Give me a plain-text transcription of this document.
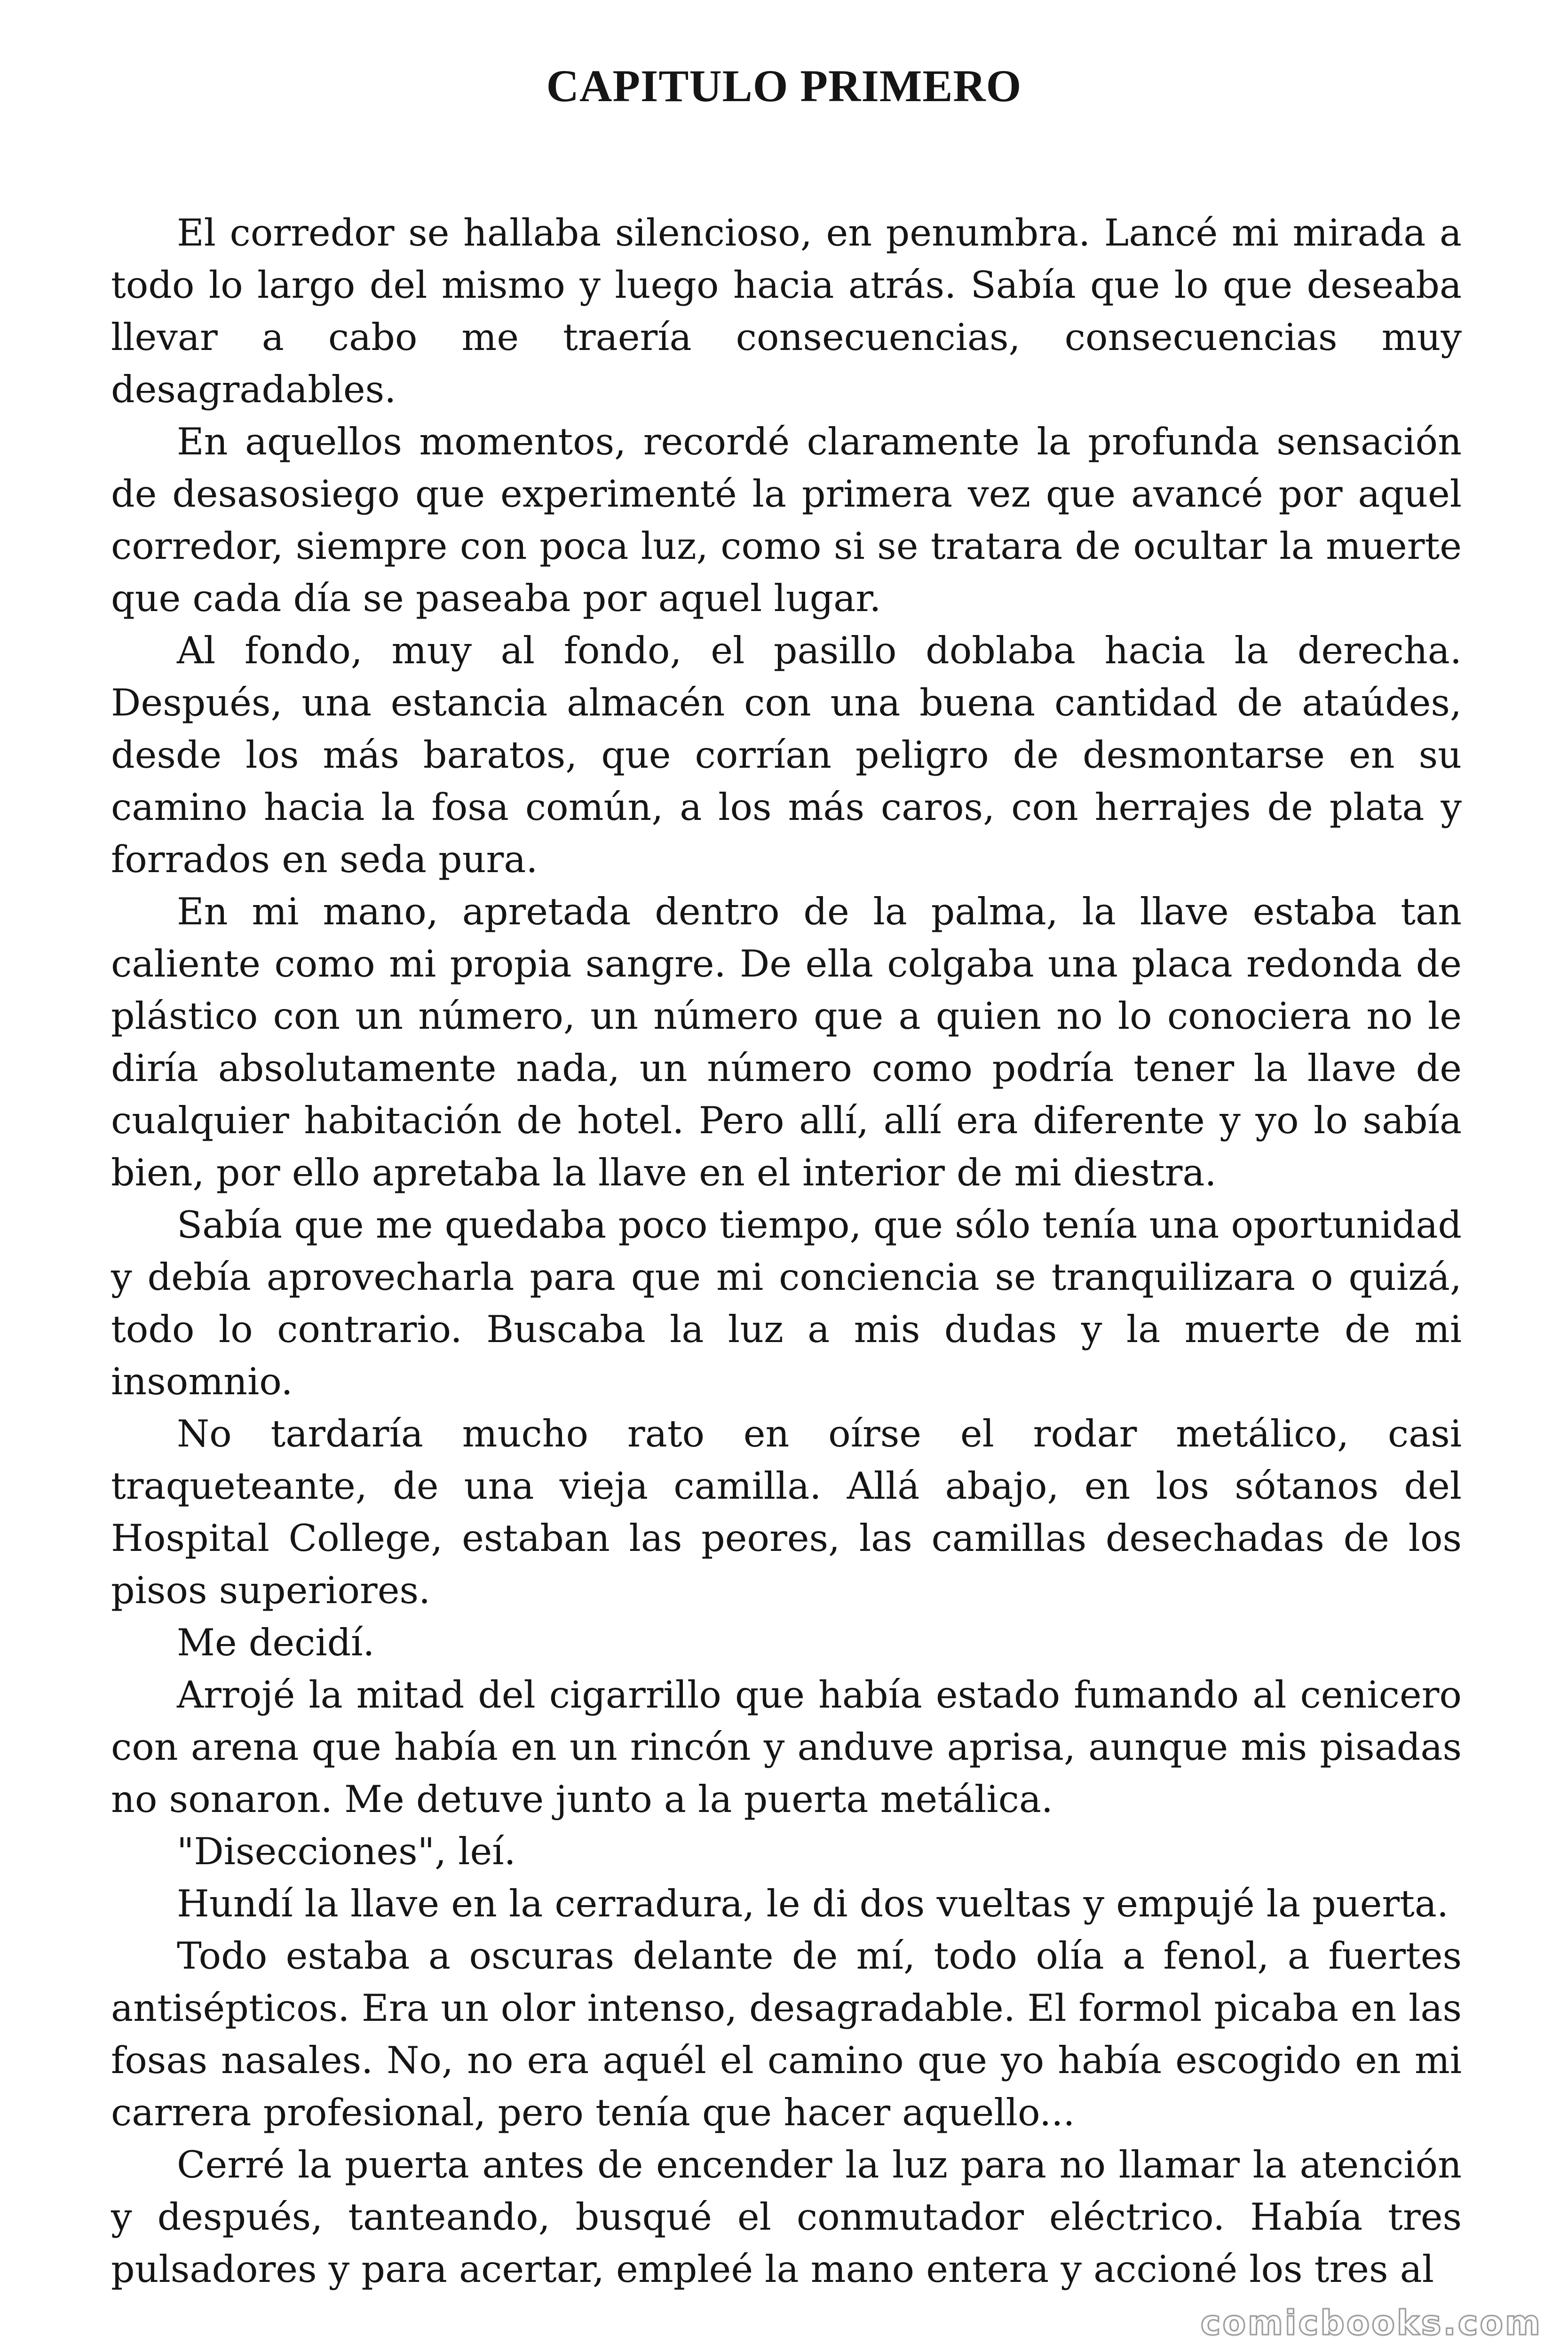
CAPITULO PRIMERO

El corredor se hallaba silencioso, en penumbra. Lancé mi mirada a todo lo largo del mismo y luego hacia atrás. Sabía que lo que deseaba llevar a cabo me traería consecuencias, consecuencias muy desagradables.

En aquellos momentos, recordé claramente la profunda sensación de desasosiego que experimenté la primera vez que avancé por aquel corredor, siempre con poca luz, como si se tratara de ocultar la muerte que cada día se paseaba por aquel lugar.

Al fondo, muy al fondo, el pasillo doblaba hacia la derecha. Después, una estancia almacén con una buena cantidad de ataúdes, desde los más baratos, que corrían peligro de desmontarse en su camino hacia la fosa común, a los más caros, con herrajes de plata y forrados en seda pura.

En mi mano, apretada dentro de la palma, la llave estaba tan caliente como mi propia sangre. De ella colgaba una placa redonda de plástico con un número, un número que a quien no lo conociera no le diría absolutamente nada, un número como podría tener la llave de cualquier habitación de hotel. Pero allí, allí era diferente y yo lo sabía bien, por ello apretaba la llave en el interior de mi diestra.

Sabía que me quedaba poco tiempo, que sólo tenía una oportunidad y debía aprovecharla para que mi conciencia se tranquilizara o quizá, todo lo contrario. Buscaba la luz a mis dudas y la muerte de mi insomnio.

No tardaría mucho rato en oírse el rodar metálico, casi traqueteante, de una vieja camilla. Allá abajo, en los sótanos del Hospital College, estaban las peores, las camillas desechadas de los pisos superiores.

Me decidí.

Arrojé la mitad del cigarrillo que había estado fumando al cenicero con arena que había en un rincón y anduve aprisa, aunque mis pisadas no sonaron. Me detuve junto a la puerta metálica.

"Disecciones", leí.

Hundí la llave en la cerradura, le di dos vueltas y empujé la puerta.

Todo estaba a oscuras delante de mí, todo olía a fenol, a fuertes antisépticos. Era un olor intenso, desagradable. El formol picaba en las fosas nasales. No, no era aquél el camino que yo había escogido en mi carrera profesional, pero tenía que hacer aquello...

Cerré la puerta antes de encender la luz para no llamar la atención y después, tanteando, busqué el conmutador eléctrico. Había tres pulsadores y para acertar, empleé la mano entera y accioné los tres al

comicbooks.com
